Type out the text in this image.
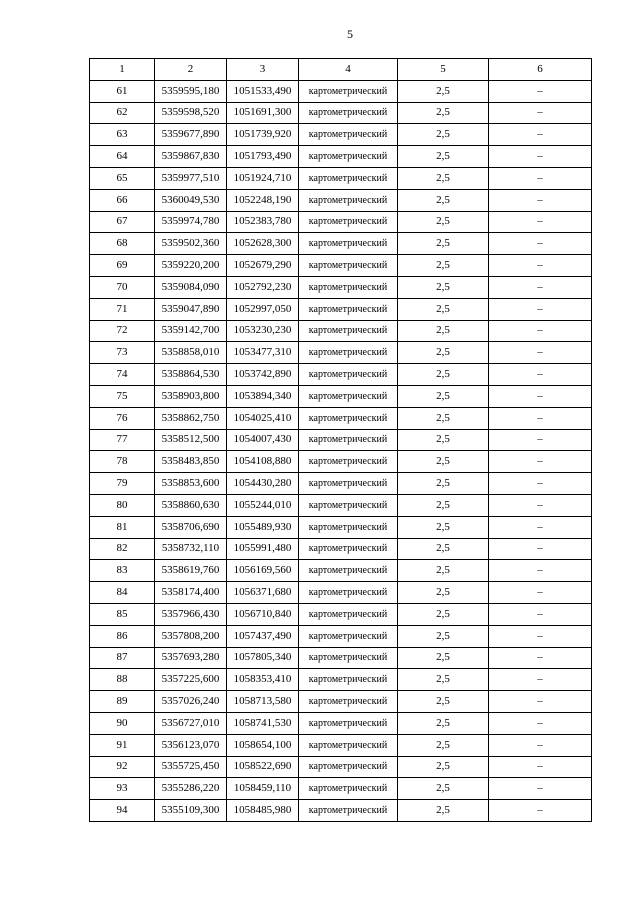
5
1	2	3	4	5	6
61	5359595,180	1051533,490	картометрический	2,5	–
62	5359598,520	1051691,300	картометрический	2,5	–
63	5359677,890	1051739,920	картометрический	2,5	–
64	5359867,830	1051793,490	картометрический	2,5	–
65	5359977,510	1051924,710	картометрический	2,5	–
66	5360049,530	1052248,190	картометрический	2,5	–
67	5359974,780	1052383,780	картометрический	2,5	–
68	5359502,360	1052628,300	картометрический	2,5	–
69	5359220,200	1052679,290	картометрический	2,5	–
70	5359084,090	1052792,230	картометрический	2,5	–
71	5359047,890	1052997,050	картометрический	2,5	–
72	5359142,700	1053230,230	картометрический	2,5	–
73	5358858,010	1053477,310	картометрический	2,5	–
74	5358864,530	1053742,890	картометрический	2,5	–
75	5358903,800	1053894,340	картометрический	2,5	–
76	5358862,750	1054025,410	картометрический	2,5	–
77	5358512,500	1054007,430	картометрический	2,5	–
78	5358483,850	1054108,880	картометрический	2,5	–
79	5358853,600	1054430,280	картометрический	2,5	–
80	5358860,630	1055244,010	картометрический	2,5	–
81	5358706,690	1055489,930	картометрический	2,5	–
82	5358732,110	1055991,480	картометрический	2,5	–
83	5358619,760	1056169,560	картометрический	2,5	–
84	5358174,400	1056371,680	картометрический	2,5	–
85	5357966,430	1056710,840	картометрический	2,5	–
86	5357808,200	1057437,490	картометрический	2,5	–
87	5357693,280	1057805,340	картометрический	2,5	–
88	5357225,600	1058353,410	картометрический	2,5	–
89	5357026,240	1058713,580	картометрический	2,5	–
90	5356727,010	1058741,530	картометрический	2,5	–
91	5356123,070	1058654,100	картометрический	2,5	–
92	5355725,450	1058522,690	картометрический	2,5	–
93	5355286,220	1058459,110	картометрический	2,5	–
94	5355109,300	1058485,980	картометрический	2,5	–
